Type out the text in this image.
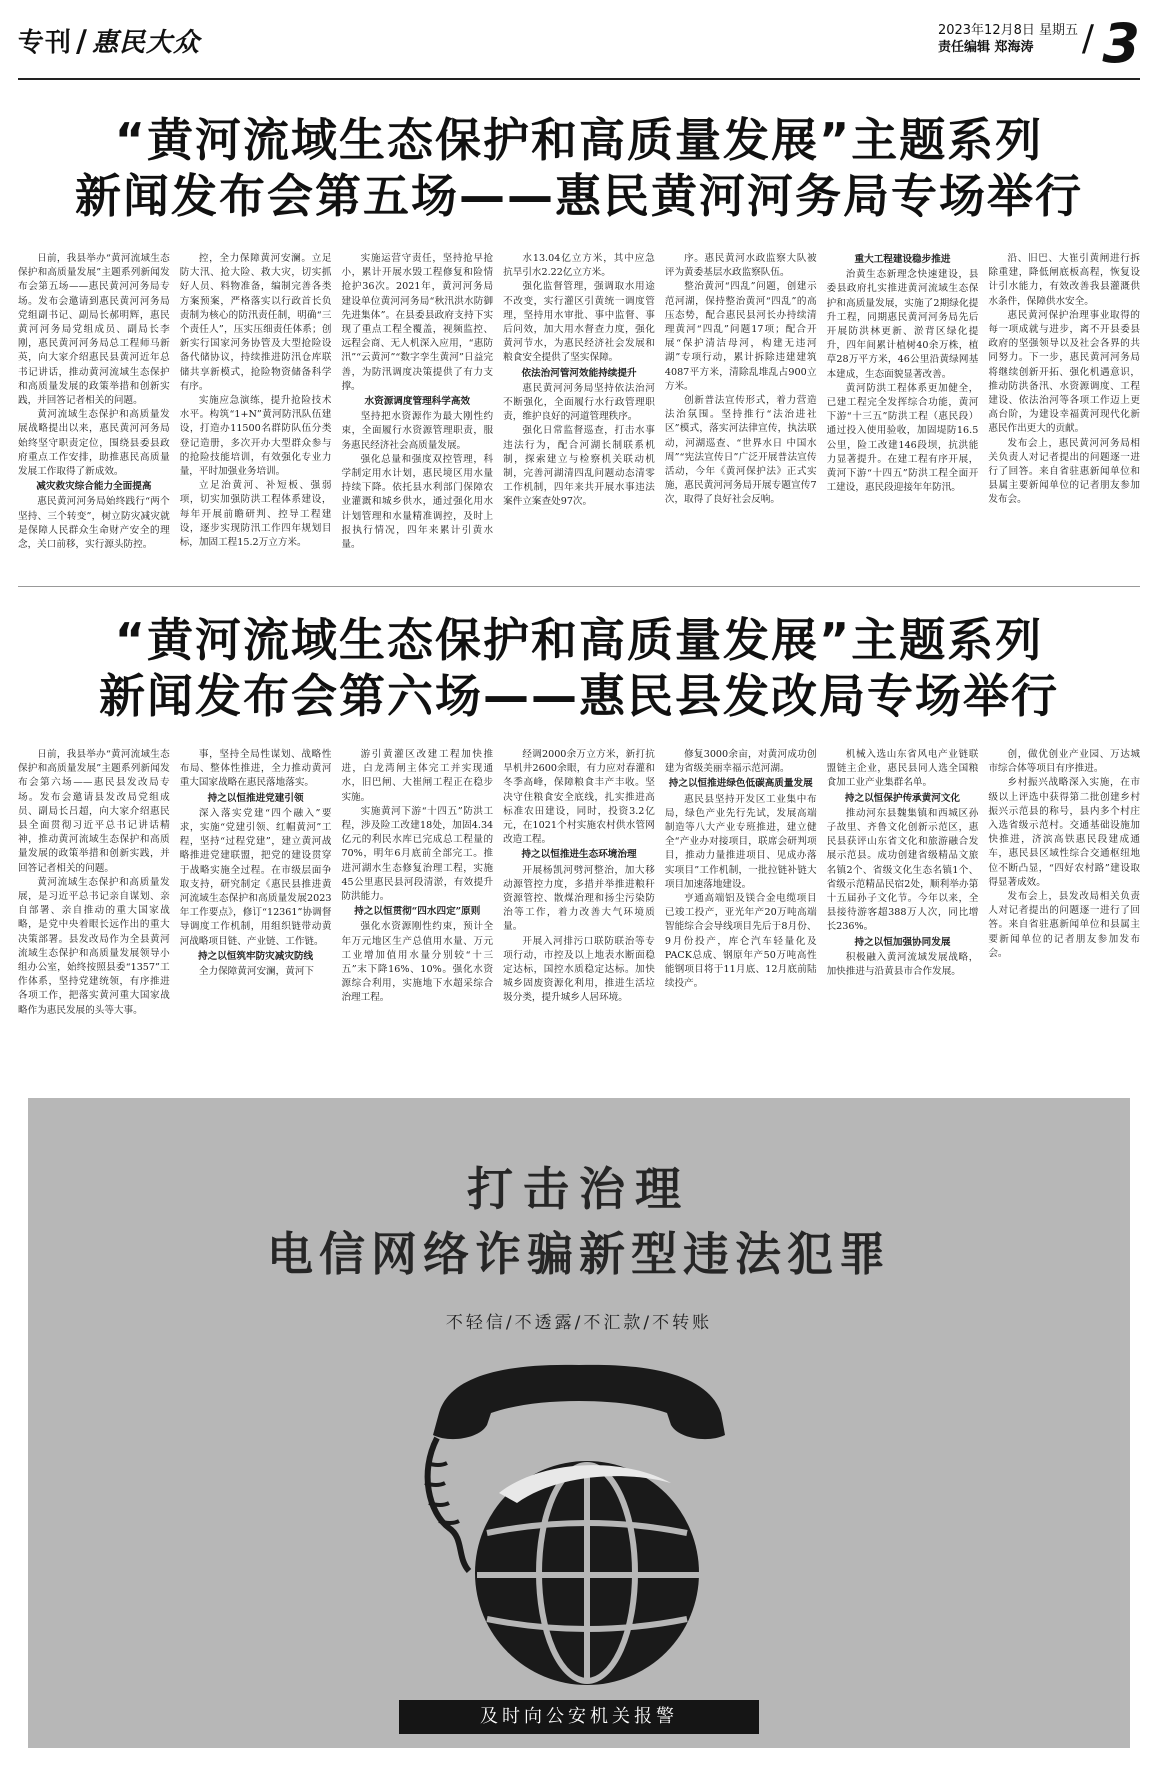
专刊 / 惠民大众	2023年12月8日 星期五
责任编辑 郑海涛	/ 3
“黄河流域生态保护和高质量发展”主题系列
新闻发布会第五场——惠民黄河河务局专场举行

日前，我县举办“黄河流域生态保护和高质量发展”主题系列新闻发布会第五场——惠民黄河河务局专场。发布会邀请到惠民黄河河务局党组副书记、副局长郝明辉，惠民黄河河务局党组成员、副局长李刚，惠民黄河河务局总工程师马新英，向大家介绍惠民县黄河近年总书记讲话，推动黄河流域生态保护和高质量发展的政策举措和创新实践，并回答记者相关的问题。

黄河流域生态保护和高质量发展战略提出以来，惠民黄河河务局始终坚守职责定位，围绕县委县政府重点工作安排，助推惠民高质量发展工作取得了新成效。

减灾救灾综合能力全面提高

惠民黄河河务局始终践行“两个坚持、三个转变”，树立防灾减灾就是保障人民群众生命财产安全的理念，关口前移，实行源头防控。

控，全力保障黄河安澜。立足防大汛、抢大险、救大灾，切实抓好人员、料物准备，编制完善各类方案预案，严格落实以行政首长负责制为核心的防汛责任制，明确“三个责任人”，压实压细责任体系；创新实行国家河务协管及大型抢险设备代储协议，持续推进防汛仓库联储共享新模式，抢险物资储备科学有序。

实施应急演练，提升抢险技术水平。构筑“1+N”黄河防汛队伍建设，打造办11500名群防队伍分类登记造册，多次开办大型群众参与的抢险技能培训，有效强化专业力量，平时加强业务培训。

立足治黄河、补短板、强弱项，切实加强防洪工程体系建设，每年开展前瞻研判、控导工程建设，逐步实现防汛工作四年规划目标，加固工程15.2万立方米。

实施运营守责任，坚持抢早抢小，累计开展水毁工程修复和险情抢护36次。2021年，黄河河务局建设单位黄河河务局“秋汛洪水防御先进集体”。在县委县政府支持下实现了重点工程全覆盖，视频监控、远程会商、无人机深入应用，“惠防汛”“云黄河”“数字孪生黄河”日益完善，为防汛调度决策提供了有力支撑。

水资源调度管理科学高效

坚持把水资源作为最大刚性约束，全面履行水资源管理职责，服务惠民经济社会高质量发展。

强化总量和强度双控管理，科学制定用水计划，惠民境区用水量持续下降。依托县水利部门保障农业灌溉和城乡供水，通过强化用水计划管理和水量精准调控，及时上报执行情况，四年来累计引黄水量。

水13.04亿立方米，其中应急抗旱引水2.22亿立方米。

强化监督管理，强调取水用途不改变，实行灌区引黄统一调度管理，坚持用水审批、事中监督、事后问效，加大用水督查力度，强化黄河节水，为惠民经济社会发展和粮食安全提供了坚实保障。

依法治河管河效能持续提升

惠民黄河河务局坚持依法治河不断强化，全面履行水行政管理职责，维护良好的河道管理秩序。

强化日常监督巡查，打击水事违法行为，配合河湖长制联系机制，探索建立与检察机关联动机制，完善河湖清四乱问题动态清零工作机制，四年来共开展水事违法案件立案查处97次。

序。惠民黄河水政监察大队被评为黄委基层水政监察队伍。

整治黄河“四乱”问题，创建示范河湖，保持整治黄河“四乱”的高压态势，配合惠民县河长办持续清理黄河“四乱”问题17项；配合开展“保护清洁母河，构建无违河湖”专项行动，累计拆除违建建筑4087平方米，清除乱堆乱占900立方米。

创新普法宣传形式，着力营造法治氛围。坚持推行“法治进社区”模式，落实河法律宣传，执法联动，河湖巡查、“世界水日 中国水周”“宪法宣传日”广泛开展普法宣传活动，今年《黄河保护法》正式实施，惠民黄河河务局开展专题宣传7次，取得了良好社会反响。

重大工程建设稳步推进

治黄生态新理念快速建设，县委县政府扎实推进黄河流域生态保护和高质量发展，实施了2期绿化提升工程，同期惠民黄河河务局先后开展防洪林更新、淤背区绿化提升，四年间累计植树40余万株，植草28万平方米，46公里沿黄绿网基本建成，生态面貌显著改善。

黄河防洪工程体系更加健全，已建工程完全发挥综合功能，黄河下游“十三五”防洪工程（惠民段）通过投入使用验收，加固堤防16.5公里，险工改建146段坝，抗洪能力显著提升。在建工程有序开展，黄河下游“十四五”防洪工程全面开工建设，惠民段迎接年年防汛。

沿、旧巴、大崔引黄闸进行拆除重建，降低闸底板高程，恢复设计引水能力，有效改善我县灌溉供水条件，保障供水安全。

惠民黄河保护治理事业取得的每一项成就与进步，离不开县委县政府的坚强领导以及社会各界的共同努力。下一步，惠民黄河河务局将继续创新开拓、强化机遇意识，推动防洪备汛、水资源调度、工程建设、依法治河等各项工作迈上更高台阶，为建设幸福黄河现代化新惠民作出更大的贡献。

发布会上，惠民黄河河务局相关负责人对记者提出的问题逐一进行了回答。来自省驻惠新闻单位和县属主要新闻单位的记者朋友参加发布会。

“黄河流域生态保护和高质量发展”主题系列
新闻发布会第六场——惠民县发改局专场举行

日前，我县举办“黄河流域生态保护和高质量发展”主题系列新闻发布会第六场——惠民县发改局专场。发布会邀请县发改局党组成员、副局长吕超，向大家介绍惠民县全面贯彻习近平总书记讲话精神，推动黄河流域生态保护和高质量发展的政策举措和创新实践，并回答记者相关的问题。

黄河流域生态保护和高质量发展，是习近平总书记亲自谋划、亲自部署、亲自推动的重大国家战略，是党中央着眼长远作出的重大决策部署。县发改局作为全县黄河流域生态保护和高质量发展领导小组办公室，始终按照县委“1357”工作体系，坚持党建统领，有序推进各项工作，把落实黄河重大国家战略作为惠民发展的头等大事。

事，坚持全局性谋划、战略性布局、整体性推进，全力推动黄河重大国家战略在惠民落地落实。

持之以恒推进党建引领

深入落实党建“四个融入”要求，实施“党建引领、红帽黄河”工程，坚持“过程党建”，建立黄河战略推进党建联盟，把党的建设贯穿于战略实施全过程。在市级层面争取支持，研究制定《惠民县推进黄河流域生态保护和高质量发展2023年工作要点》，修订“12361”协调督导调度工作机制，用组织链带动黄河战略项目链、产业链、工作链。

持之以恒筑牢防灾减灾防线

全力保障黄河安澜，黄河下

游引黄灌区改建工程加快推进，白龙湾闸主体完工并实现通水，旧巴闸、大崔闸工程正在稳步实施。

实施黄河下游“十四五”防洪工程，涉及险工改建18处，加固4.34亿元的利民水库已完成总工程量的70%，明年6月底前全部完工。推进河湖水生态修复治理工程，实施45公里惠民县河段清淤，有效提升防洪能力。

持之以恒贯彻“四水四定”原则

强化水资源刚性约束，预计全年万元地区生产总值用水量、万元工业增加值用水量分别较“十三五”末下降16%、10%。强化水资源综合利用，实施地下水超采综合治理工程。

经调2000余万立方米，新打抗旱机井2600余眼，有力应对春灌和冬季高峰，保障粮食丰产丰收。坚决守住粮食安全底线，扎实推进高标准农田建设，同时，投资3.2亿元，在1021个村实施农村供水管网改造工程。

持之以恒推进生态环境治理

开展杨凯河劈河整治，加大移动源管控力度，多措并举推进粮秆资源管控、散煤治理和扬尘污染防治等工作，着力改善大气环境质量。

开展入河排污口联防联治等专项行动，市控及以上地表水断面稳定达标，国控水质稳定达标。加快城乡固废资源化利用，推进生活垃圾分类，提升城乡人居环境。

修复3000余亩，对黄河成功创建为省级美丽幸福示范河湖。

持之以恒推进绿色低碳高质量发展

惠民县坚持开发区工业集中布局，绿色产业先行先试，发展高端制造等八大产业专班推进，建立健全“产业办对接项目，联席会研判项目，推动力量推进项目、见成办落实项目”工作机制，一批拉链补链大项目加速落地建设。

亨通高端铝及镁合金电缆项目已竣工投产，亚光年产20万吨高端智能综合会导线项目先后于8月份、9月份投产，库仑汽车轻量化及PACK总成、钢原年产50万吨高性能钢项目将于11月底、12月底前陆续投产。

机械入选山东省风电产业链联盟链主企业，惠民县同人选全国粮食加工业产业集群名单。

持之以恒保护传承黄河文化

推动河东县魏集镇和西城区孙子故里、齐鲁文化创新示范区，惠民县获评山东省文化和旅游融合发展示范县。成功创建省级精品文旅名镇2个、省级文化生态名镇1个、省级示范精品民宿2处，顺利举办第十五届孙子文化节。今年以来，全县接待游客超388万人次，同比增长236%。

持之以恒加强协同发展

积极融入黄河流域发展战略，加快推进与沿黄县市合作发展。

创，做优创业产业园、万达城市综合体等项目有序推进。

乡村振兴战略深入实施，在市级以上评选中获得第二批创建乡村振兴示范县的称号，县内多个村庄入选省级示范村。交通基础设施加快推进，济滨高铁惠民段建成通车，惠民县区域性综合交通枢纽地位不断凸显，“四好农村路”建设取得显著成效。

发布会上，县发改局相关负责人对记者提出的问题逐一进行了回答。来自省驻惠新闻单位和县属主要新闻单位的记者朋友参加发布会。

打击治理
电信网络诈骗新型违法犯罪
不轻信/不透露/不汇款/不转账
及时向公安机关报警
